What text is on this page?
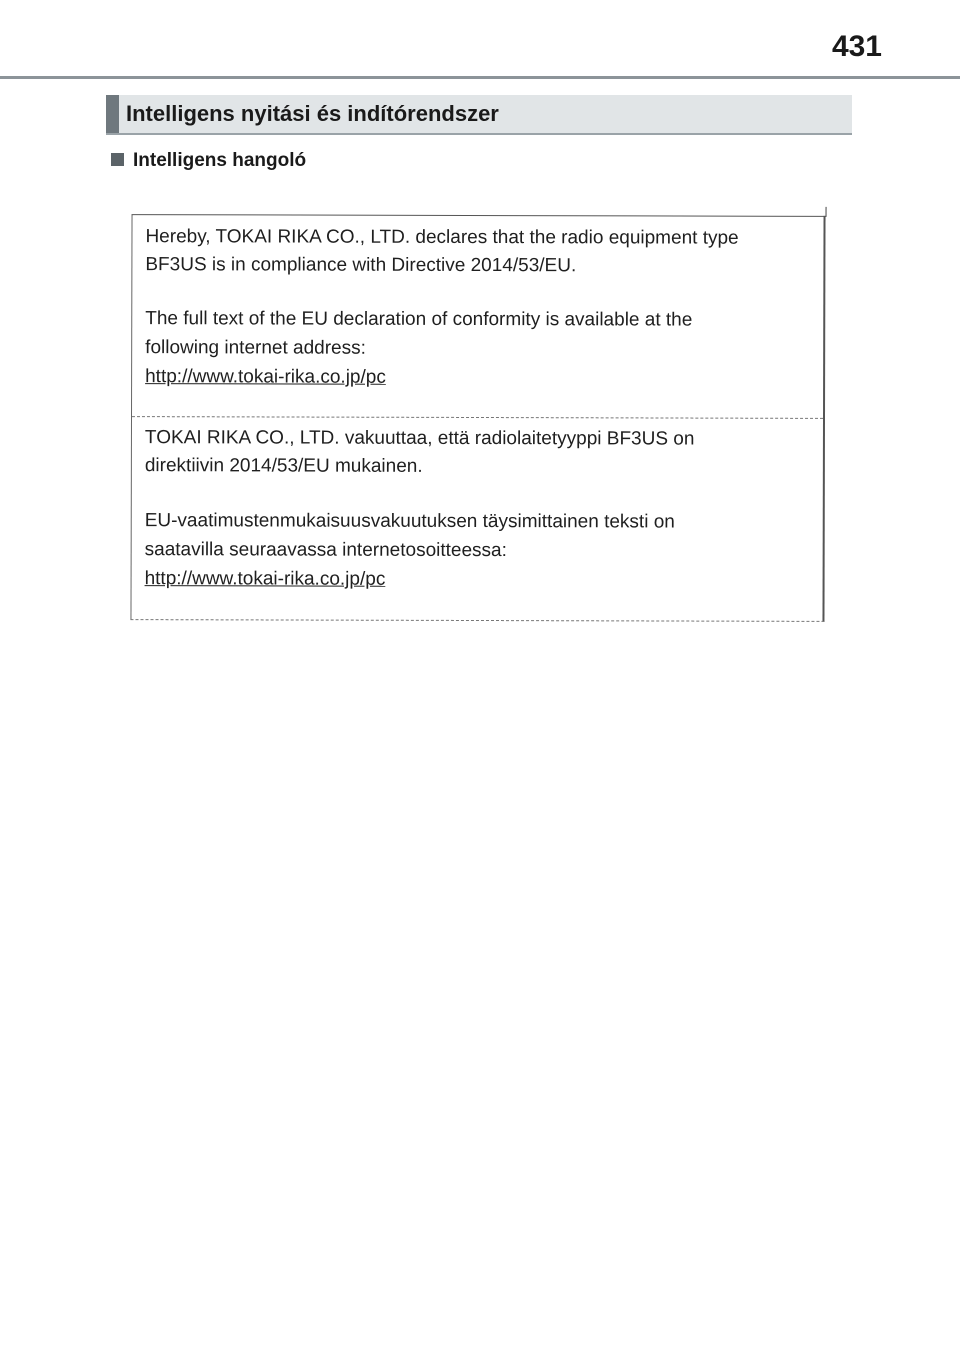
431
Intelligens nyitási és indítórendszer
Intelligens hangoló
Hereby, TOKAI RIKA CO., LTD. declares that the radio equipment type
BF3US is in compliance with Directive 2014/53/EU.
The full text of the EU declaration of conformity is available at the
following internet address:
http://www.tokai-rika.co.jp/pc
TOKAI RIKA CO., LTD. vakuuttaa, että radiolaitetyyppi BF3US on
direktiivin 2014/53/EU mukainen.
EU-vaatimustenmukaisuusvakuutuksen täysimittainen teksti on
saatavilla seuraavassa internetosoitteessa:
http://www.tokai-rika.co.jp/pc
